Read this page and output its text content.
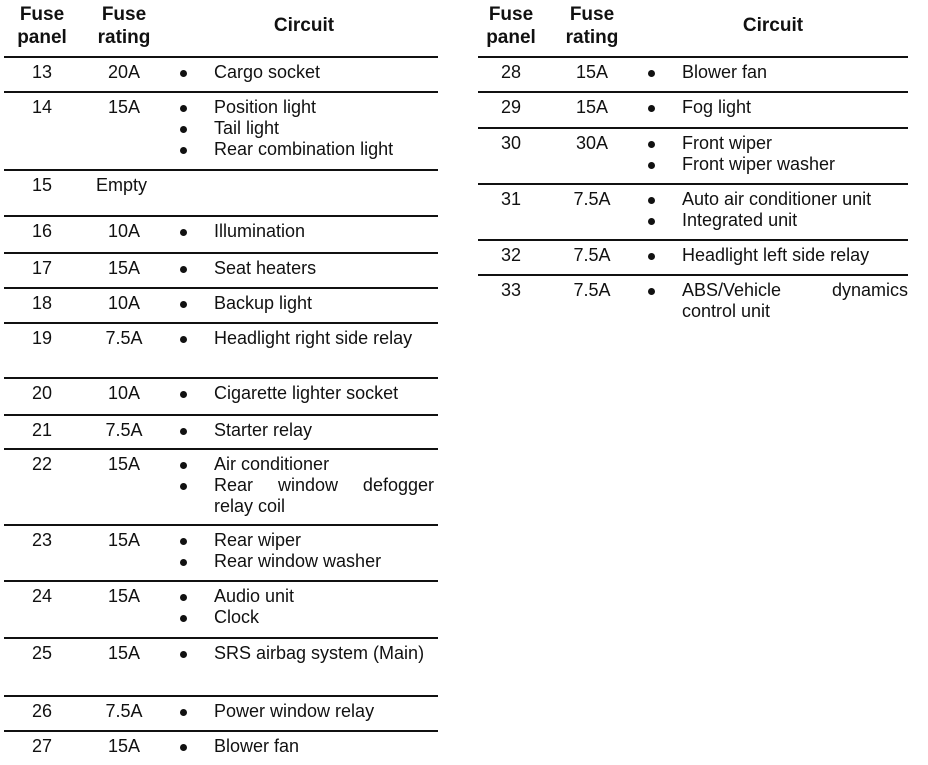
Fuse
panel
Fuse
rating
Circuit
13	20A	Cargo socket
14	15A	Position light
Tail light
Rear combination light
15	Empty
16	10A	Illumination
17	15A	Seat heaters
18	10A	Backup light
19	7.5A	Headlight right side relay
20	10A	Cigarette lighter socket
21	7.5A	Starter relay
22	15A	Air conditioner
Rear window defogger relay coil
23	15A	Rear wiper
Rear window washer
24	15A	Audio unit
Clock
25	15A	SRS airbag system (Main)
26	7.5A	Power window relay
27	15A	Blower fan
Fuse
panel
Fuse
rating
Circuit
28	15A	Blower fan
29	15A	Fog light
30	30A	Front wiper
Front wiper washer
31	7.5A	Auto air conditioner unit
Integrated unit
32	7.5A	Headlight left side relay
33	7.5A	ABS/Vehicle dynamics control unit
